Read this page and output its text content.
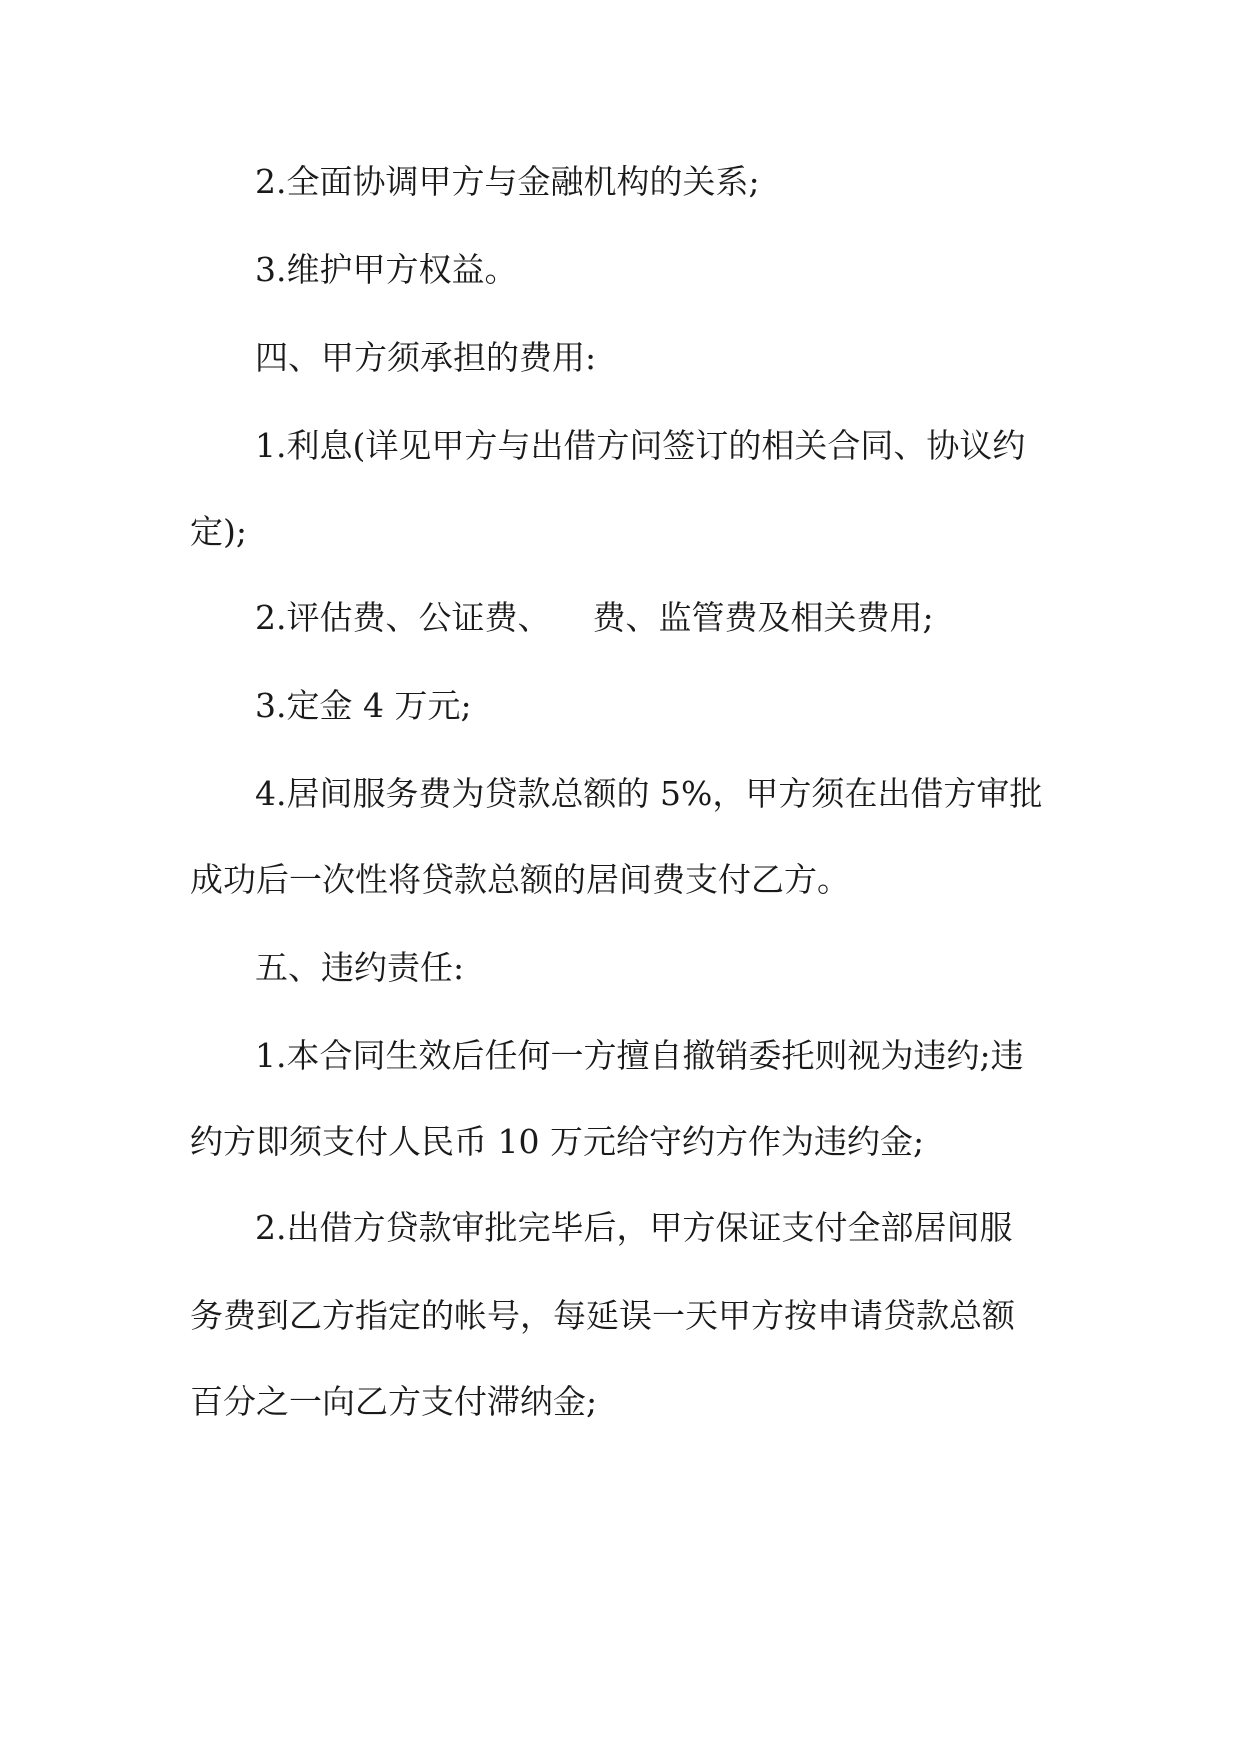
2.全面协调甲方与金融机构的关系;
3.维护甲方权益。
四、甲方须承担的费用:
1.利息(详见甲方与出借方问签订的相关合同、协议约
定);
2.评估费、公证费、    费、监管费及相关费用;
3.定金 4 万元;
4.居间服务费为贷款总额的 5%，甲方须在出借方审批
成功后一次性将贷款总额的居间费支付乙方。
五、违约责任:
1.本合同生效后任何一方擅自撤销委托则视为违约;违
约方即须支付人民币 10 万元给守约方作为违约金;
2.出借方贷款审批完毕后，甲方保证支付全部居间服
务费到乙方指定的帐号，每延误一天甲方按申请贷款总额
百分之一向乙方支付滞纳金;
